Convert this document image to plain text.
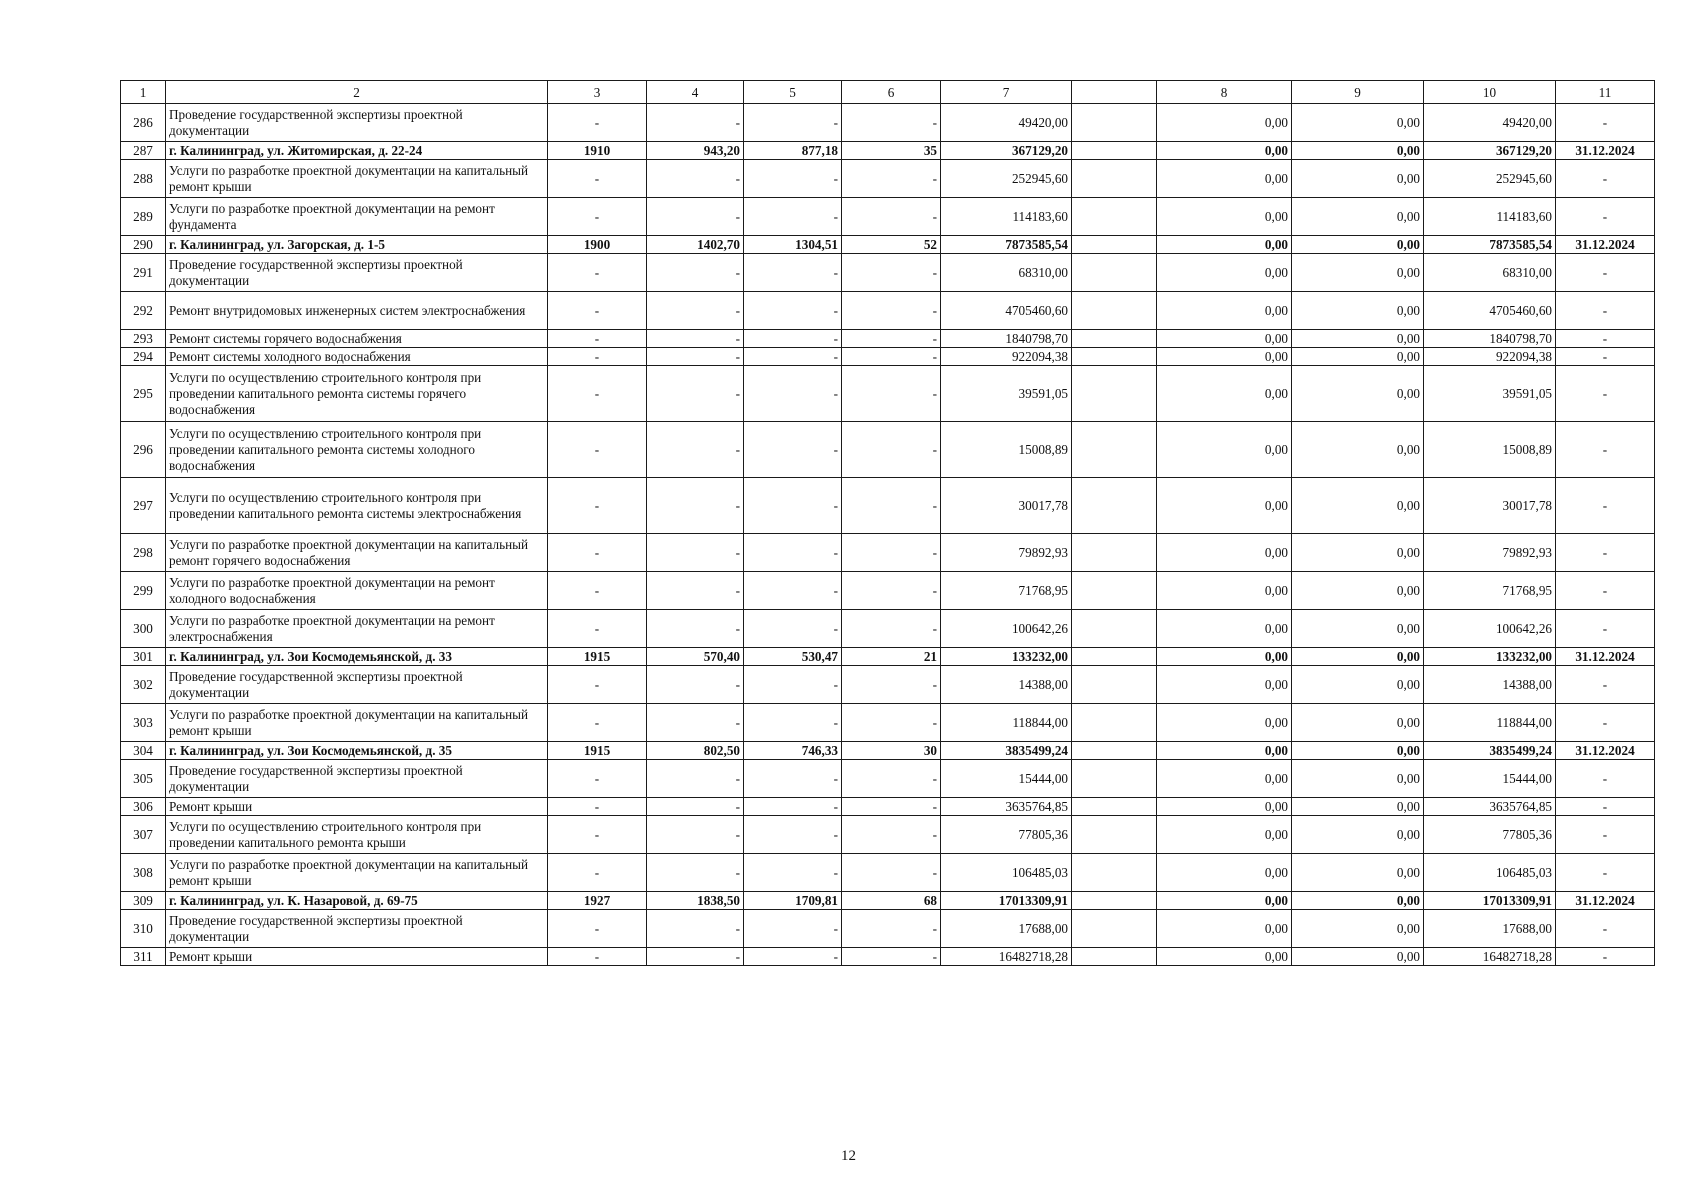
1	2	3	4	5	6	7		8	9	10	11
286	Проведение государственной экспертизы проектной документации	-	-	-	-	49420,00		0,00	0,00	49420,00	-
287	г. Калининград, ул. Житомирская, д. 22-24	1910	943,20	877,18	35	367129,20		0,00	0,00	367129,20	31.12.2024
288	Услуги по разработке проектной документации на капитальный ремонт крыши	-	-	-	-	252945,60		0,00	0,00	252945,60	-
289	Услуги по разработке проектной документации на ремонт фундамента	-	-	-	-	114183,60		0,00	0,00	114183,60	-
290	г. Калининград, ул. Загорская, д. 1-5	1900	1402,70	1304,51	52	7873585,54		0,00	0,00	7873585,54	31.12.2024
291	Проведение государственной экспертизы проектной документации	-	-	-	-	68310,00		0,00	0,00	68310,00	-
292	Ремонт внутридомовых инженерных систем электроснабжения	-	-	-	-	4705460,60		0,00	0,00	4705460,60	-
293	Ремонт системы горячего водоснабжения	-	-	-	-	1840798,70		0,00	0,00	1840798,70	-
294	Ремонт системы холодного водоснабжения	-	-	-	-	922094,38		0,00	0,00	922094,38	-
295	Услуги по осуществлению строительного контроля при проведении капитального ремонта системы горячего водоснабжения	-	-	-	-	39591,05		0,00	0,00	39591,05	-
296	Услуги по осуществлению строительного контроля при проведении капитального ремонта системы холодного водоснабжения	-	-	-	-	15008,89		0,00	0,00	15008,89	-
297	Услуги по осуществлению строительного контроля при проведении капитального ремонта системы электроснабжения	-	-	-	-	30017,78		0,00	0,00	30017,78	-
298	Услуги по разработке проектной документации на капитальный ремонт горячего водоснабжения	-	-	-	-	79892,93		0,00	0,00	79892,93	-
299	Услуги по разработке проектной документации на ремонт холодного водоснабжения	-	-	-	-	71768,95		0,00	0,00	71768,95	-
300	Услуги по разработке проектной документации на ремонт электроснабжения	-	-	-	-	100642,26		0,00	0,00	100642,26	-
301	г. Калининград, ул. Зои Космодемьянской, д. 33	1915	570,40	530,47	21	133232,00		0,00	0,00	133232,00	31.12.2024
302	Проведение государственной экспертизы проектной документации	-	-	-	-	14388,00		0,00	0,00	14388,00	-
303	Услуги по разработке проектной документации на капитальный ремонт крыши	-	-	-	-	118844,00		0,00	0,00	118844,00	-
304	г. Калининград, ул. Зои Космодемьянской, д. 35	1915	802,50	746,33	30	3835499,24		0,00	0,00	3835499,24	31.12.2024
305	Проведение государственной экспертизы проектной документации	-	-	-	-	15444,00		0,00	0,00	15444,00	-
306	Ремонт крыши	-	-	-	-	3635764,85		0,00	0,00	3635764,85	-
307	Услуги по осуществлению строительного контроля при проведении капитального ремонта крыши	-	-	-	-	77805,36		0,00	0,00	77805,36	-
308	Услуги по разработке проектной документации на капитальный ремонт крыши	-	-	-	-	106485,03		0,00	0,00	106485,03	-
309	г. Калининград, ул. К. Назаровой, д. 69-75	1927	1838,50	1709,81	68	17013309,91		0,00	0,00	17013309,91	31.12.2024
310	Проведение государственной экспертизы проектной документации	-	-	-	-	17688,00		0,00	0,00	17688,00	-
311	Ремонт крыши	-	-	-	-	16482718,28		0,00	0,00	16482718,28	-
12
